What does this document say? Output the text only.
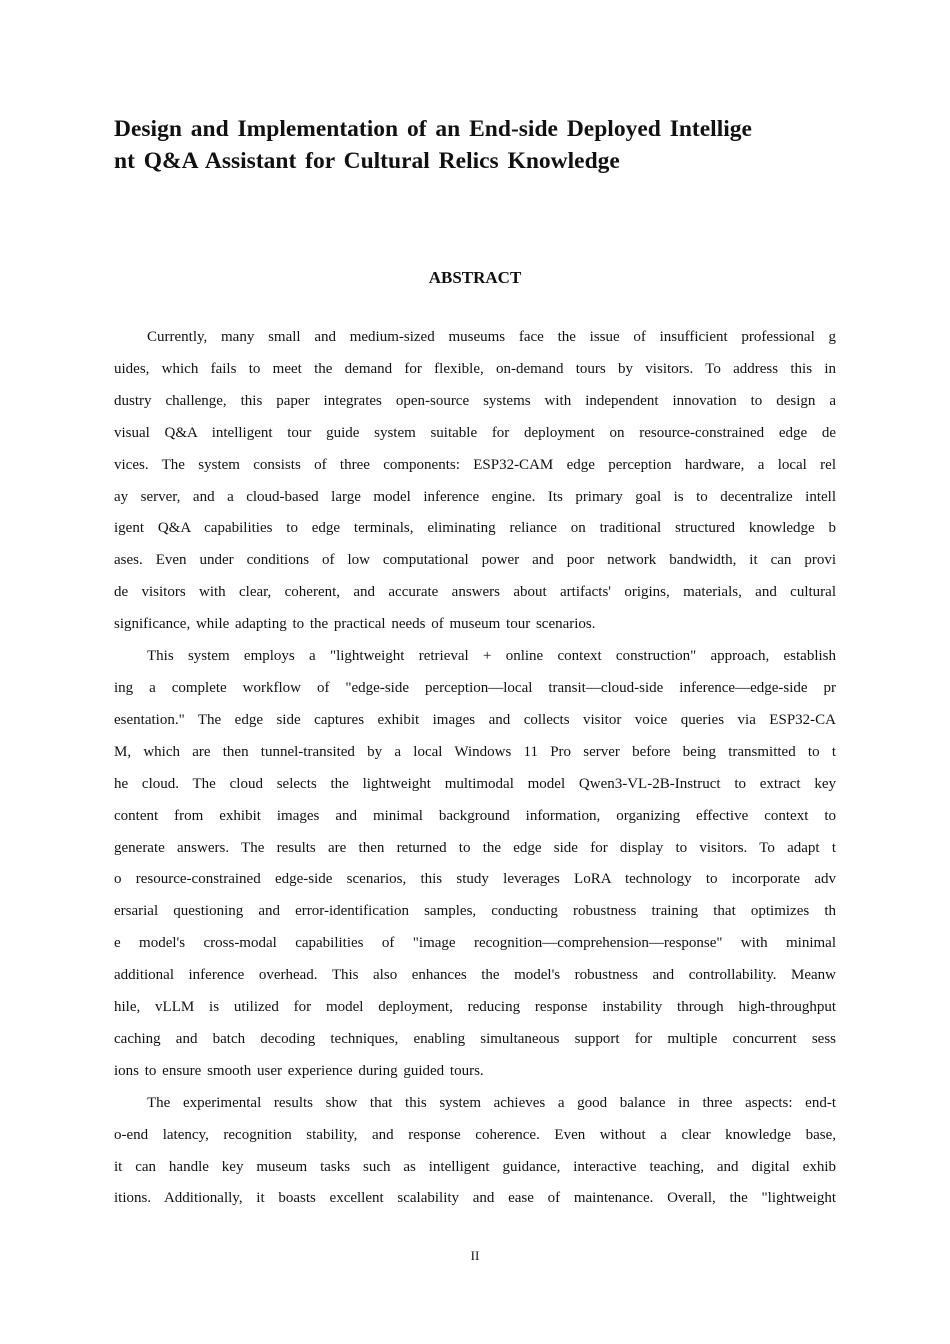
Design and Implementation of an End-side Deployed Intellige
nt Q&A Assistant for Cultural Relics Knowledge
ABSTRACT
Currently, many small and medium-sized museums face the issue of insufficient professional g
uides, which fails to meet the demand for flexible, on-demand tours by visitors. To address this in
dustry challenge, this paper integrates open-source systems with independent innovation to design a
visual Q&A intelligent tour guide system suitable for deployment on resource-constrained edge de
vices. The system consists of three components: ESP32-CAM edge perception hardware, a local rel
ay server, and a cloud-based large model inference engine. Its primary goal is to decentralize intell
igent Q&A capabilities to edge terminals, eliminating reliance on traditional structured knowledge b
ases. Even under conditions of low computational power and poor network bandwidth, it can provi
de visitors with clear, coherent, and accurate answers about artifacts' origins, materials, and cultural
significance, while adapting to the practical needs of museum tour scenarios.
This system employs a "lightweight retrieval + online context construction" approach, establish
ing a complete workflow of "edge-side perception—local transit—cloud-side inference—edge-side pr
esentation." The edge side captures exhibit images and collects visitor voice queries via ESP32-CA
M, which are then tunnel-transited by a local Windows 11 Pro server before being transmitted to t
he cloud. The cloud selects the lightweight multimodal model Qwen3-VL-2B-Instruct to extract key
content from exhibit images and minimal background information, organizing effective context to
generate answers. The results are then returned to the edge side for display to visitors. To adapt t
o resource-constrained edge-side scenarios, this study leverages LoRA technology to incorporate adv
ersarial questioning and error-identification samples, conducting robustness training that optimizes th
e model's cross-modal capabilities of "image recognition—comprehension—response" with minimal
additional inference overhead. This also enhances the model's robustness and controllability. Meanw
hile, vLLM is utilized for model deployment, reducing response instability through high-throughput
caching and batch decoding techniques, enabling simultaneous support for multiple concurrent sess
ions to ensure smooth user experience during guided tours.
The experimental results show that this system achieves a good balance in three aspects: end-t
o-end latency, recognition stability, and response coherence. Even without a clear knowledge base,
it can handle key museum tasks such as intelligent guidance, interactive teaching, and digital exhib
itions. Additionally, it boasts excellent scalability and ease of maintenance. Overall, the "lightweight

II
